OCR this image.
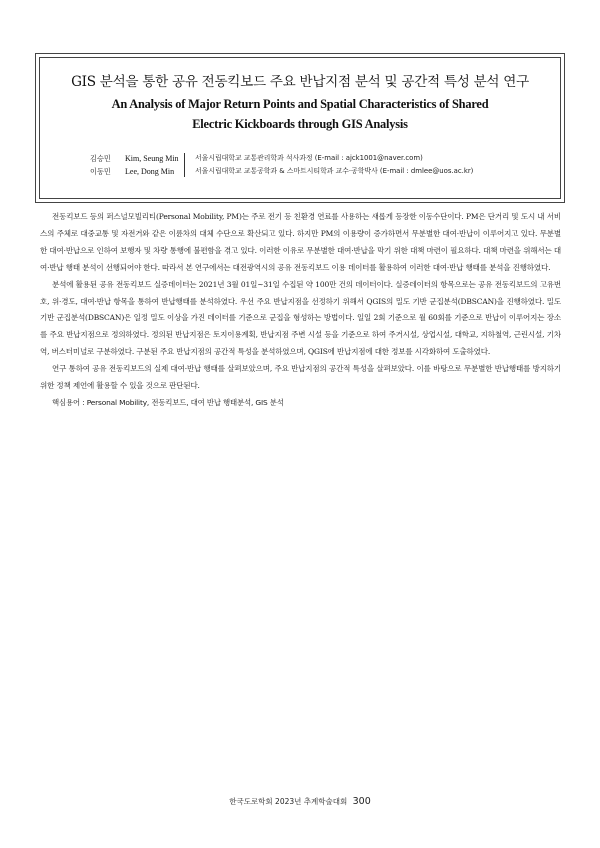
GIS 분석을 통한 공유 전동킥보드 주요 반납지점 분석 및 공간적 특성 분석 연구
An Analysis of Major Return Points and Spatial Characteristics of Shared
Electric Kickboards through GIS Analysis
김승민 Kim, Seung Min 서울시립대학교 교통관리학과 석사과정 (E-mail : ajck1001@naver.com)
이동민 Lee, Dong Min	서울시립대학교 교통공학과 & 스마트시티학과 교수·공학박사 (E-mail : dmlee@uos.ac.kr)

전동킥보드 등의 퍼스널모빌리티(Personal Mobility, PM)는 주로 전기 등 친환경 연료를 사용하는 새롭게 등장한 이동수단이다. PM은 단거리 및 도시 내 서비스의 주체로 대중교통 및 자전거와 같은 이륜차의 대체 수단으로 확산되고 있다. 하지만 PM의 이용량이 증가하면서 무분별한 대여·반납이 이루어지고 있다. 무분별한 대여·반납으로 인하여 보행자 및 차량 통행에 불편함을 겪고 있다. 이러한 이유로 무분별한 대여·반납을 막기 위한 대책 마련이 필요하다. 대책 마련을 위해서는 대여·반납 행태 분석이 선행되어야 한다. 따라서 본 연구에서는 대전광역시의 공유 전동킥보드 이용 데이터를 활용하여 이러한 대여·반납 행태를 분석을 진행하였다.

분석에 활용된 공유 전동킥보드 실증데이터는 2021년 3월 01일~31일 수집된 약 100만 건의 데이터이다. 실증데이터의 항목으로는 공유 전동킥보드의 고유번호, 위·경도, 대여·반납 항목을 통하여 반납행태를 분석하였다. 우선 주요 반납지점을 선정하기 위해서 QGIS의 밀도 기반 군집분석(DBSCAN)을 진행하였다. 밀도 기반 군집분석(DBSCAN)은 일정 밀도 이상을 가진 데이터를 기준으로 군집을 형성하는 방법이다. 일일 2회 기준으로 월 60회를 기준으로 반납이 이루어지는 장소를 주요 반납지점으로 정의하였다. 정의된 반납지점은 토지이용계획, 반납지점 주변 시설 등을 기준으로 하여 주거시설, 상업시설, 대학교, 지하철역, 근린시설, 기차역, 버스터미널로 구분하였다. 구분된 주요 반납지점의 공간적 특성을 분석하였으며, QGIS에 반납지점에 대한 정보를 시각화하여 도출하였다.

연구 통하여 공유 전동킥보드의 실제 대여·반납 행태를 살펴보았으며, 주요 반납지점의 공간적 특성을 살펴보았다. 이를 바탕으로 무분별한 반납행태를 방지하기 위한 정책 제언에 활용할 수 있을 것으로 판단된다.

핵심용어 : Personal Mobility, 전동킥보드, 대여 반납 행태분석, GIS 분석

한국도로학회 2023년 추계학술대회 300
